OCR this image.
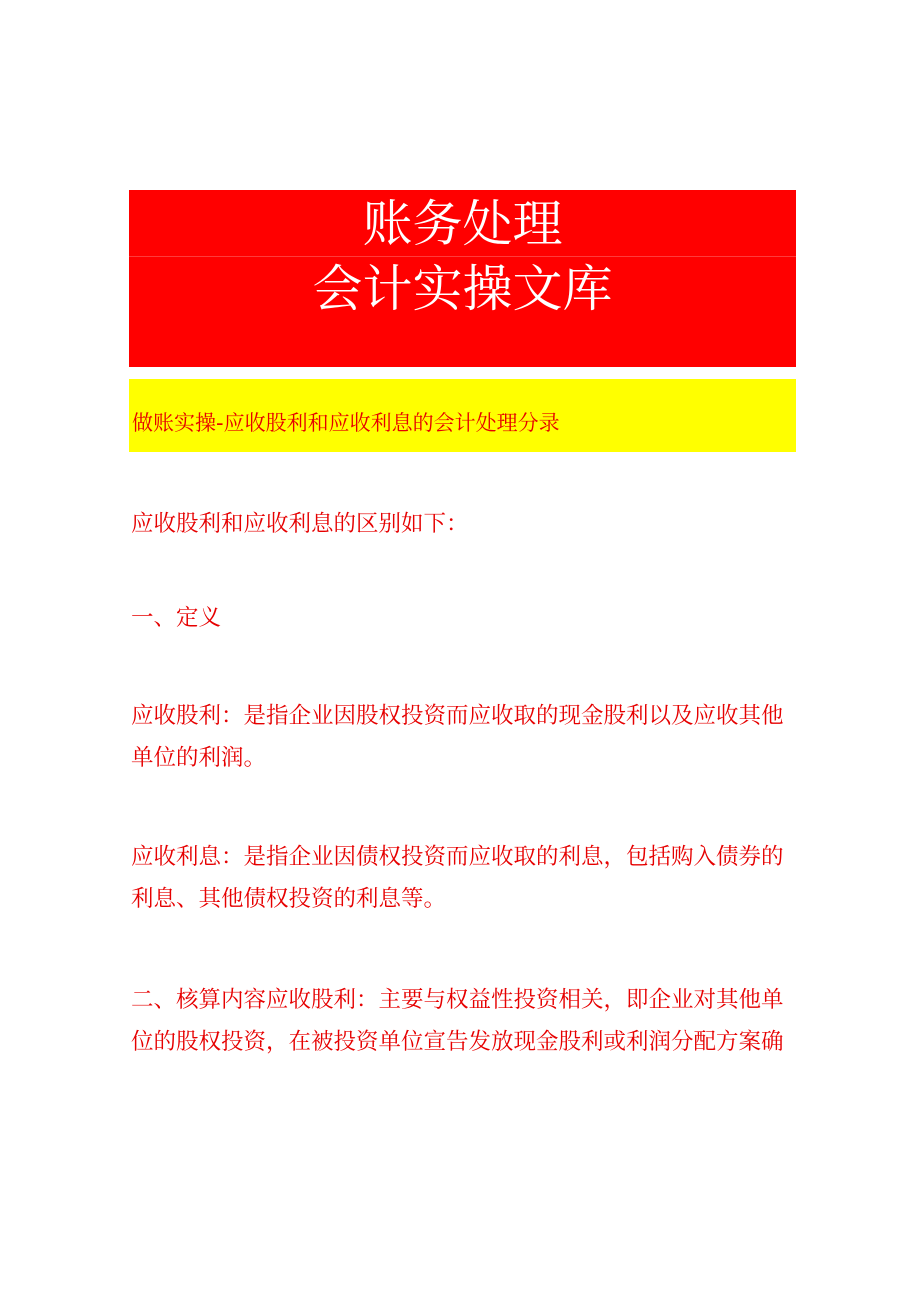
账务处理
会计实操文库
做账实操-应收股利和应收利息的会计处理分录

应收股利和应收利息的区别如下：

一、定义

应收股利：是指企业因股权投资而应收取的现金股利以及应收其他单位的利润。

应收利息：是指企业因债权投资而应收取的利息，包括购入债券的利息、其他债权投资的利息等。

二、核算内容应收股利：主要与权益性投资相关，即企业对其他单位的股权投资，在被投资单位宣告发放现金股利或利润分配方案确
